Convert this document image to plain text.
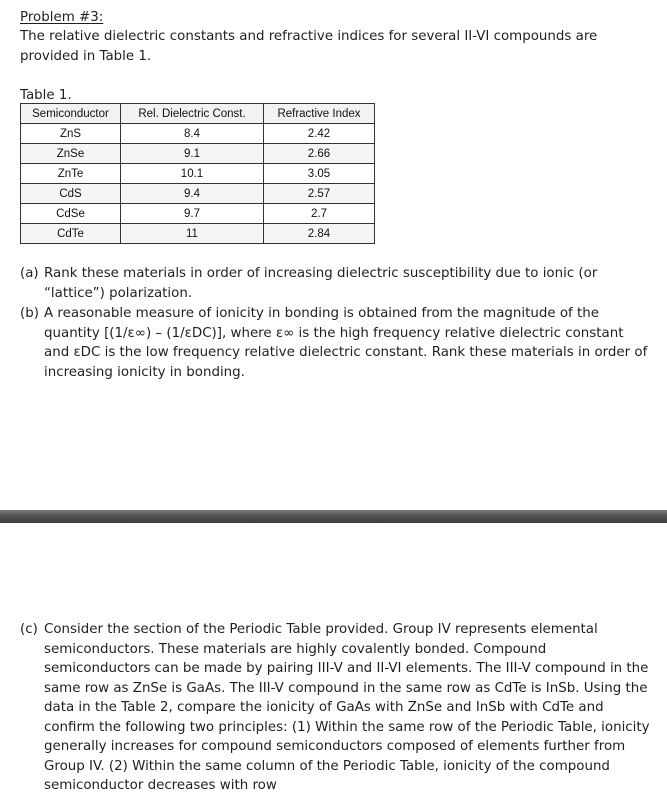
Problem #3:

The relative dielectric constants and refractive indices for several II-VI compounds are provided in Table 1.

Table 1.

Semiconductor	Rel. Dielectric Const.	Refractive Index
ZnS	8.4	2.42
ZnSe	9.1	2.66
ZnTe	10.1	3.05
CdS	9.4	2.57
CdSe	9.7	2.7
CdTe	11	2.84
(a) Rank these materials in order of increasing dielectric susceptibility due to ionic (or “lattice”) polarization.
(b) A reasonable measure of ionicity in bonding is obtained from the magnitude of the quantity [(1/ε∞) – (1/εDC)], where ε∞ is the high frequency relative dielectric constant and εDC is the low frequency relative dielectric constant. Rank these materials in order of increasing ionicity in bonding.
(c) Consider the section of the Periodic Table provided. Group IV represents elemental semiconductors. These materials are highly covalently bonded. Compound semiconductors can be made by pairing III-V and II-VI elements. The III-V compound in the same row as ZnSe is GaAs. The III-V compound in the same row as CdTe is InSb. Using the data in the Table 2, compare the ionicity of GaAs with ZnSe and InSb with CdTe and confirm the following two principles: (1) Within the same row of the Periodic Table, ionicity generally increases for compound semiconductors composed of elements further from Group IV. (2) Within the same column of the Periodic Table, ionicity of the compound semiconductor decreases with row
